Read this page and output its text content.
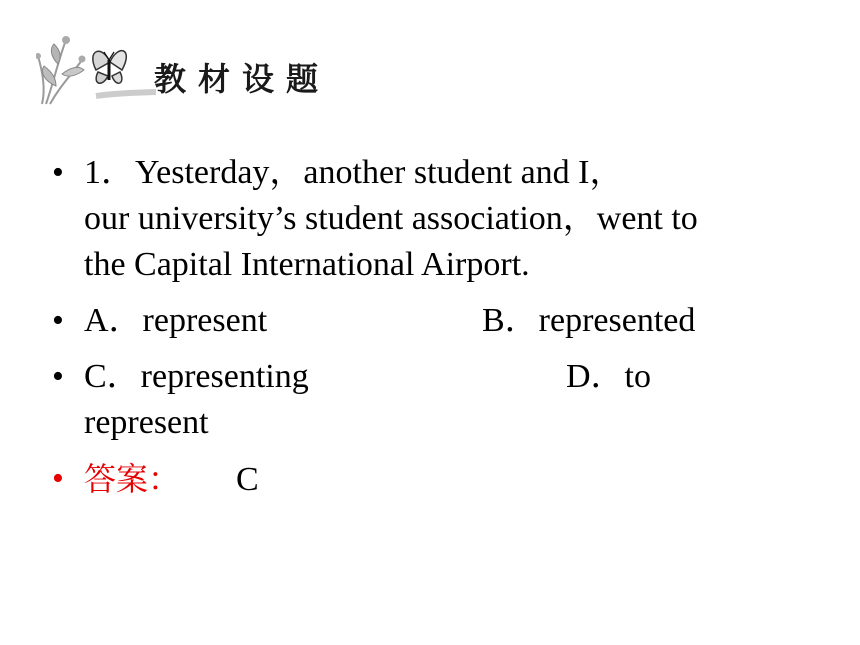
教 材 设 题
• 1．Yesterday，another student and I，
our university’s student association，went to
the Capital International Airport.
• A．represent	B．represented
• C．representing	D．to
represent
• 答案： C
